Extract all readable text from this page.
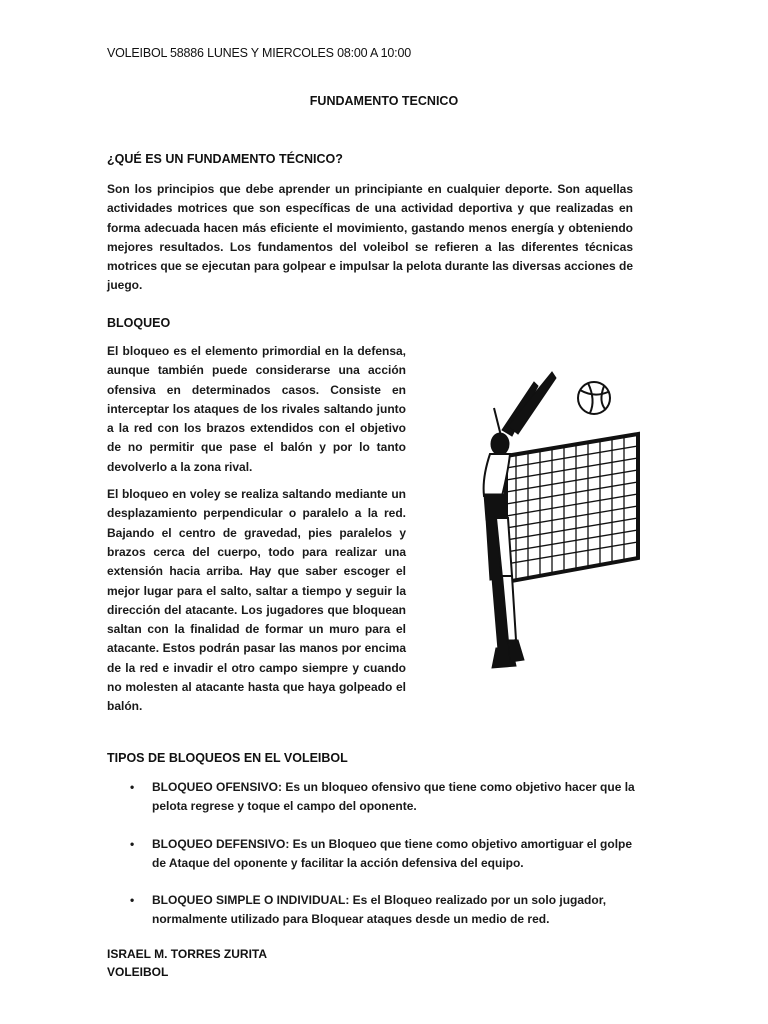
VOLEIBOL 58886 LUNES Y MIERCOLES 08:00 A 10:00
FUNDAMENTO TECNICO
¿QUÉ ES UN FUNDAMENTO TÉCNICO?
Son los principios que debe aprender un principiante en cualquier deporte. Son aquellas actividades motrices que son específicas de una actividad deportiva y que realizadas en forma adecuada hacen más eficiente el movimiento, gastando menos energía y obteniendo mejores resultados. Los fundamentos del voleibol se refieren a las diferentes técnicas motrices que se ejecutan para golpear e impulsar la pelota durante las diversas acciones de juego.
BLOQUEO

El bloqueo es el elemento primordial en la defensa, aunque también puede considerarse una acción ofensiva en determinados casos. Consiste en interceptar los ataques de los rivales saltando junto a la red con los brazos extendidos con el objetivo de no permitir que pase el balón y por lo tanto devolverlo a la zona rival.

El bloqueo en voley se realiza saltando mediante un desplazamiento perpendicular o paralelo a la red. Bajando el centro de gravedad, pies paralelos y brazos cerca del cuerpo, todo para realizar una extensión hacia arriba. Hay que saber escoger el mejor lugar para el salto, saltar a tiempo y seguir la dirección del atacante. Los jugadores que bloquean saltan con la finalidad de formar un muro para el atacante. Estos podrán pasar las manos por encima de la red e invadir el otro campo siempre y cuando no molesten al atacante hasta que haya golpeado el balón.

TIPOS DE BLOQUEOS EN EL VOLEIBOL
• BLOQUEO OFENSIVO: Es un bloqueo ofensivo que tiene como objetivo hacer que la pelota regrese y toque el campo del oponente.
• BLOQUEO DEFENSIVO: Es un Bloqueo que tiene como objetivo amortiguar el golpe de Ataque del oponente y facilitar la acción defensiva del equipo.
• BLOQUEO SIMPLE O INDIVIDUAL: Es el Bloqueo realizado por un solo jugador, normalmente utilizado para Bloquear ataques desde un medio de red.
ISRAEL M. TORRES ZURITA
VOLEIBOL
